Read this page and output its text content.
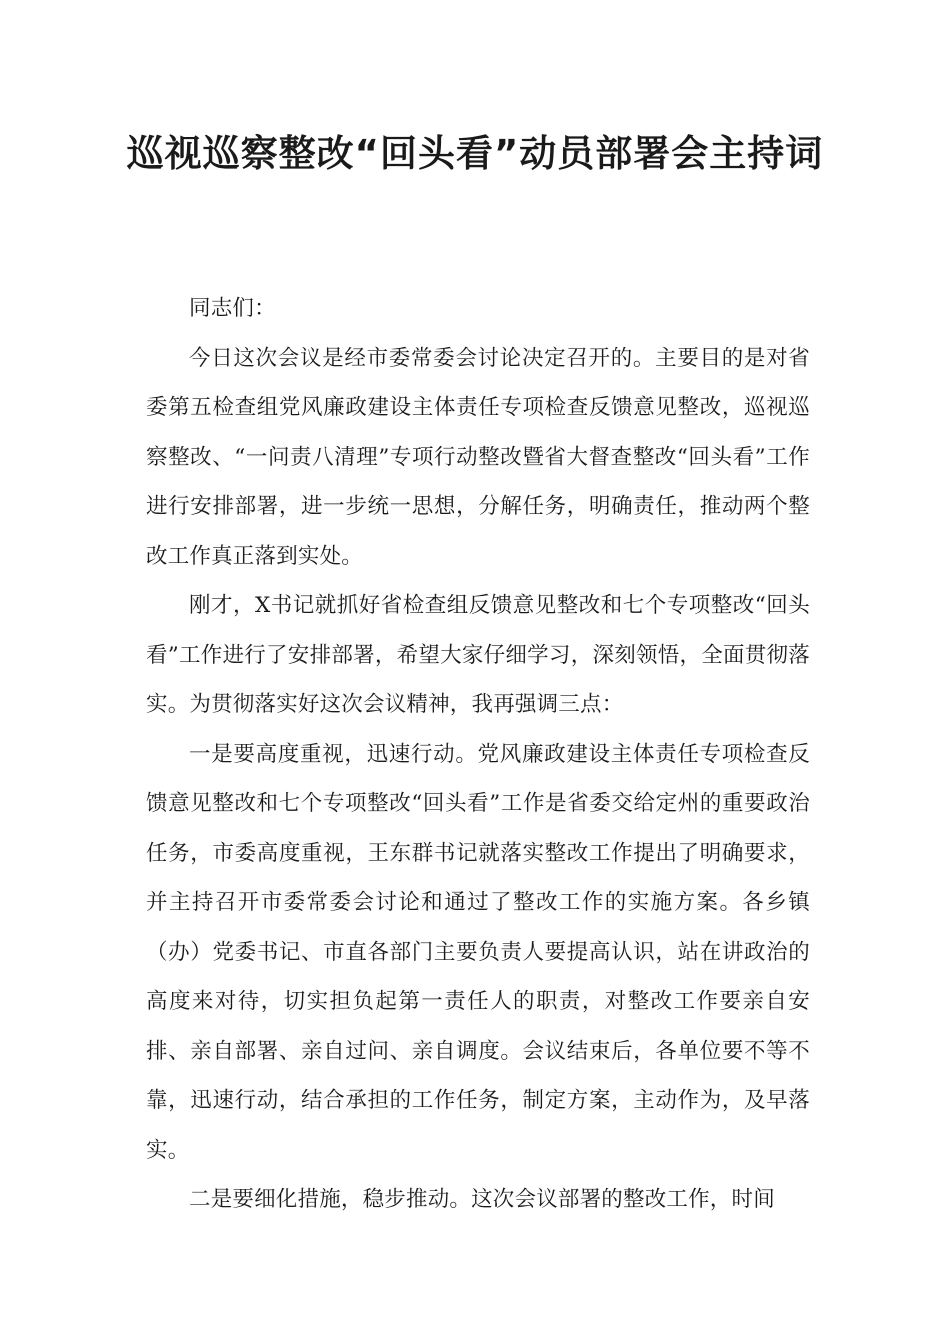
巡视巡察整改“回头看”动员部署会主持词

同志们：

今日这次会议是经市委常委会讨论决定召开的。主要目的是对省委第五检查组党风廉政建设主体责任专项检查反馈意见整改，巡视巡察整改、“一问责八清理”专项行动整改暨省大督查整改“回头看”工作进行安排部署，进一步统一思想，分解任务，明确责任，推动两个整改工作真正落到实处。

刚才，X书记就抓好省检查组反馈意见整改和七个专项整改“回头看”工作进行了安排部署，希望大家仔细学习，深刻领悟，全面贯彻落实。为贯彻落实好这次会议精神，我再强调三点：

一是要高度重视，迅速行动。党风廉政建设主体责任专项检查反馈意见整改和七个专项整改“回头看”工作是省委交给定州的重要政治任务，市委高度重视，王东群书记就落实整改工作提出了明确要求，并主持召开市委常委会讨论和通过了整改工作的实施方案。各乡镇（办）党委书记、市直各部门主要负责人要提高认识，站在讲政治的高度来对待，切实担负起第一责任人的职责，对整改工作要亲自安排、亲自部署、亲自过问、亲自调度。会议结束后，各单位要不等不靠，迅速行动，结合承担的工作任务，制定方案，主动作为，及早落实。

二是要细化措施，稳步推动。这次会议部署的整改工作，时间
